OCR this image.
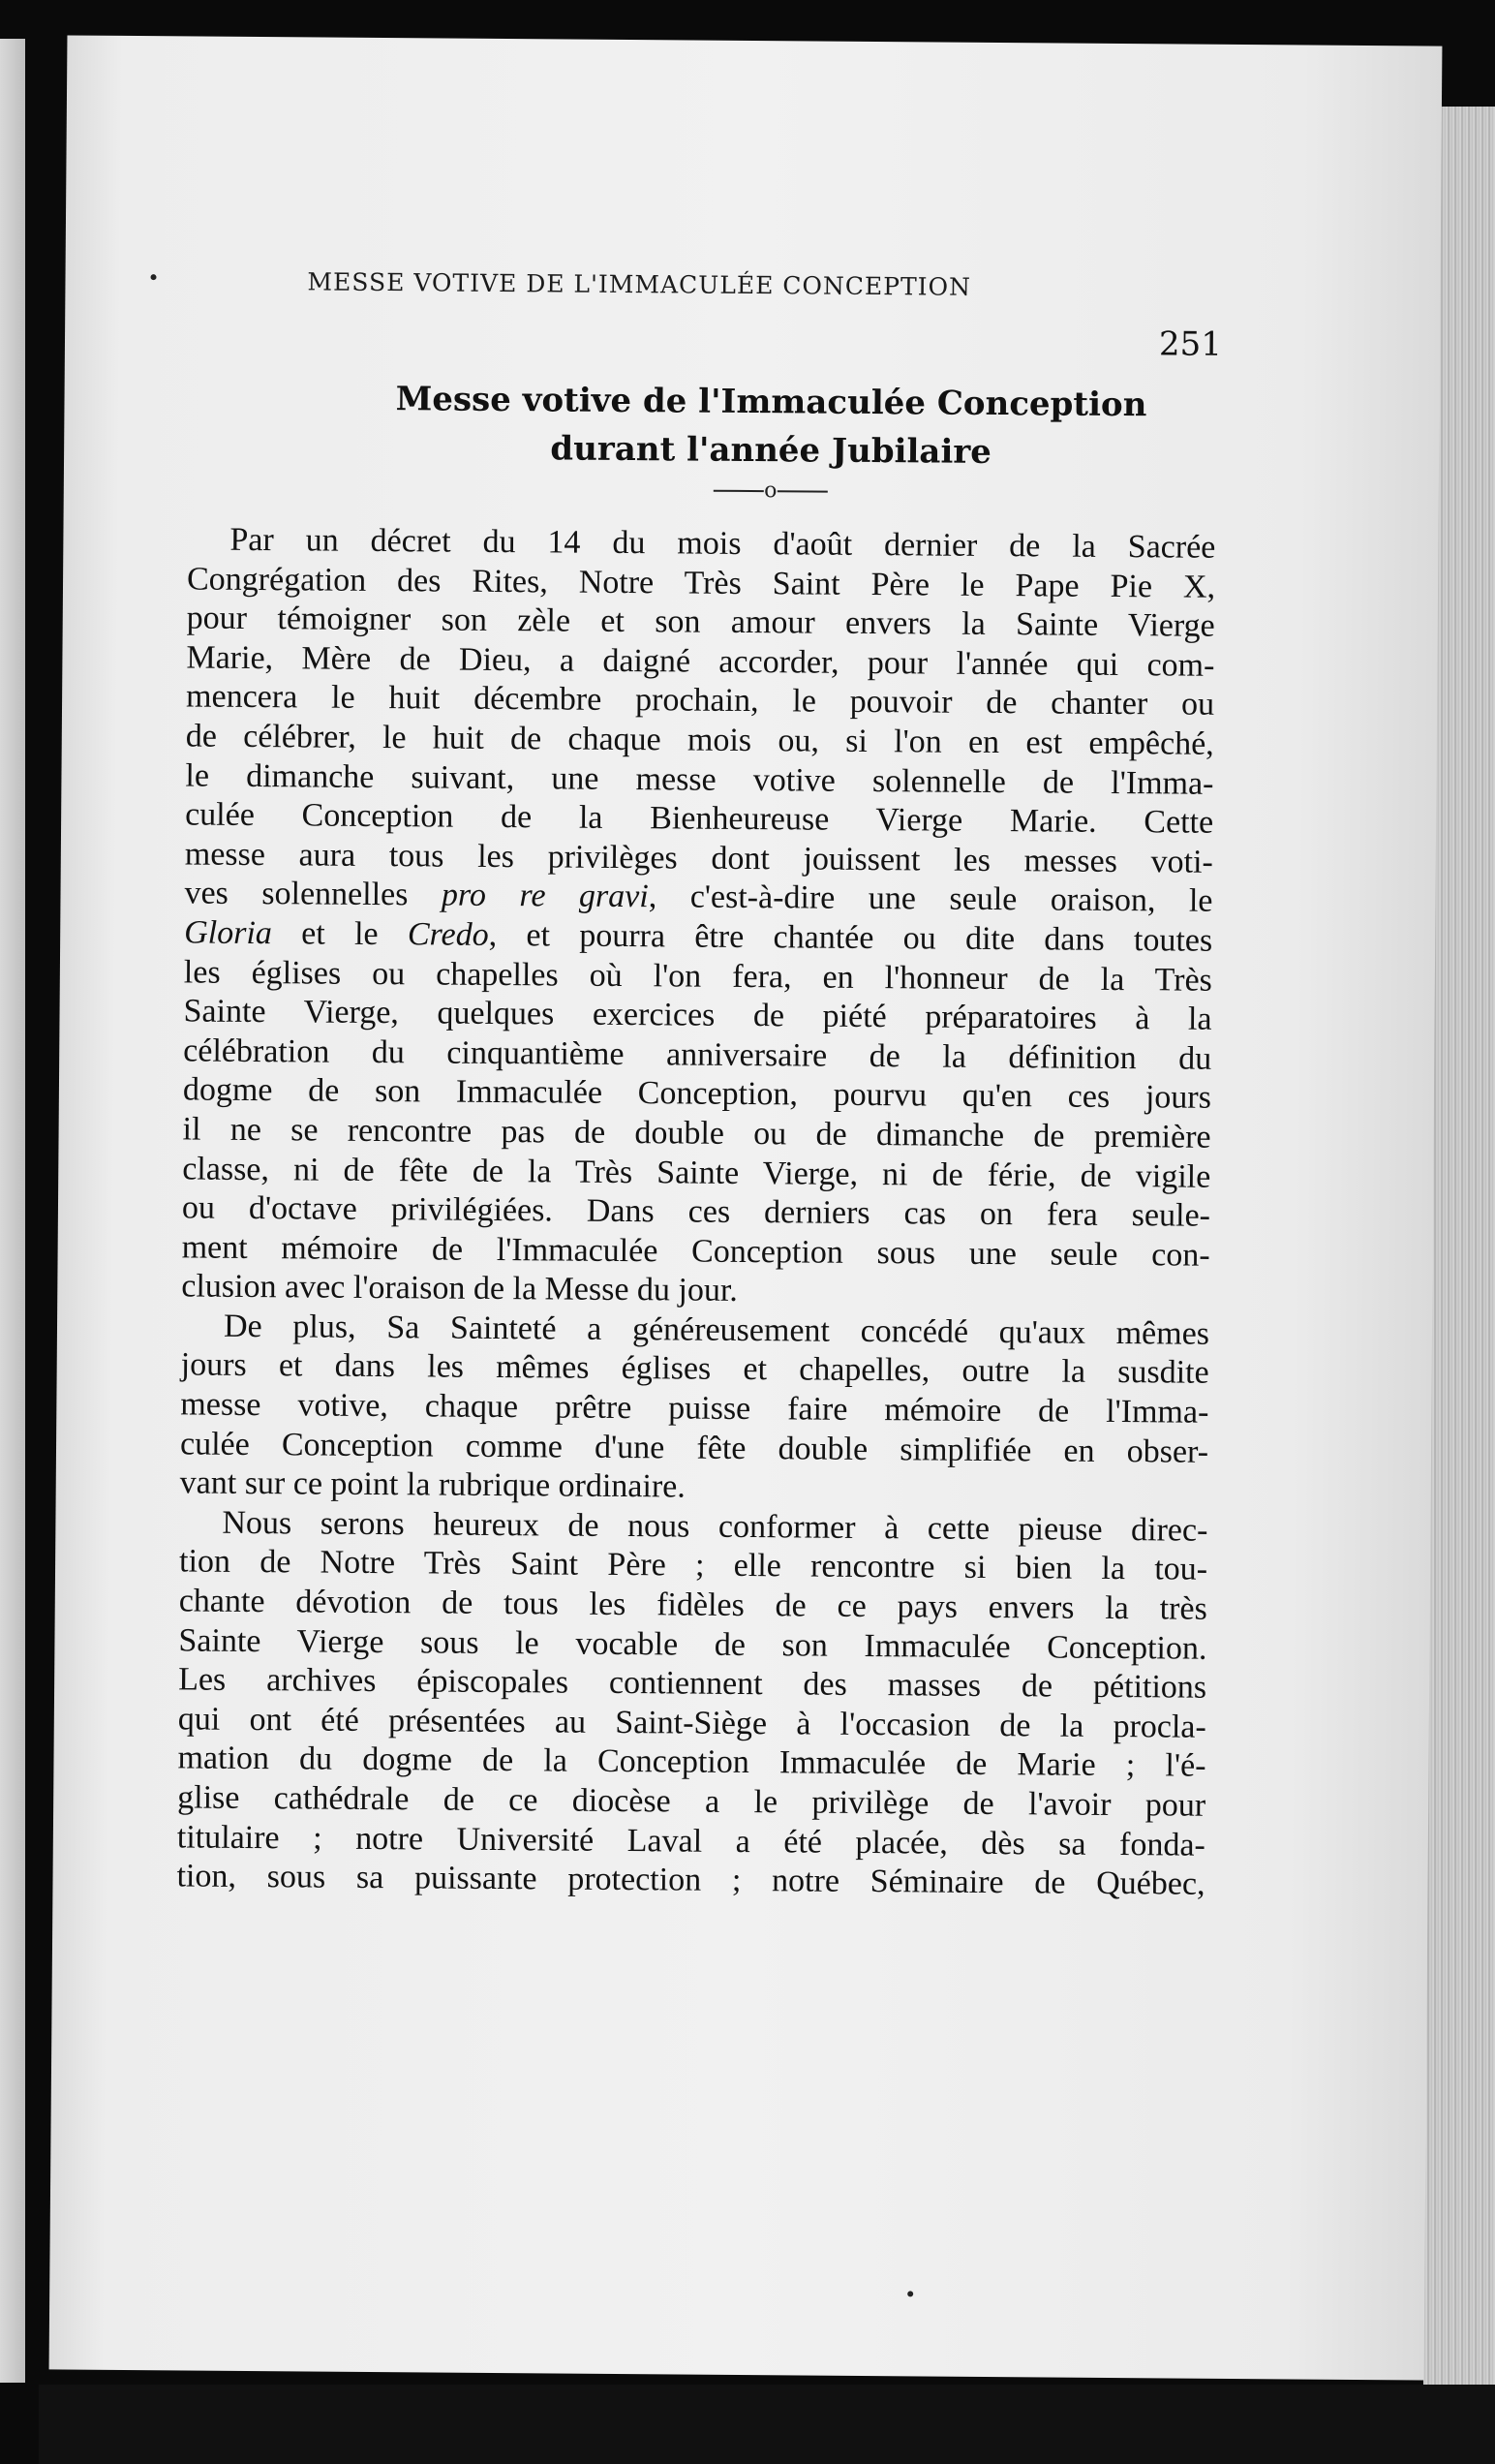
MESSE VOTIVE DE L'IMMACULÉE CONCEPTION
251
Messe votive de l'Immaculée Conception
durant l'année Jubilaire
o
Par un décret du 14 du mois d'août dernier de la Sacrée
Congrégation des Rites, Notre Très Saint Père le Pape Pie X,
pour témoigner son zèle et son amour envers la Sainte Vierge
Marie, Mère de Dieu, a daigné accorder, pour l'année qui com-
mencera le huit décembre prochain, le pouvoir de chanter ou
de célébrer, le huit de chaque mois ou, si l'on en est empêché,
le dimanche suivant, une messe votive solennelle de l'Imma-
culée Conception de la Bienheureuse Vierge Marie. Cette
messe aura tous les privilèges dont jouissent les messes voti-
ves solennelles pro re gravi, c'est-à-dire une seule oraison, le
Gloria et le Credo, et pourra être chantée ou dite dans toutes
les églises ou chapelles où l'on fera, en l'honneur de la Très
Sainte Vierge, quelques exercices de piété préparatoires à la
célébration du cinquantième anniversaire de la définition du
dogme de son Immaculée Conception, pourvu qu'en ces jours
il ne se rencontre pas de double ou de dimanche de première
classe, ni de fête de la Très Sainte Vierge, ni de férie, de vigile
ou d'octave privilégiées. Dans ces derniers cas on fera seule-
ment mémoire de l'Immaculée Conception sous une seule con-
clusion avec l'oraison de la Messe du jour.
De plus, Sa Sainteté a généreusement concédé qu'aux mêmes
jours et dans les mêmes églises et chapelles, outre la susdite
messe votive, chaque prêtre puisse faire mémoire de l'Imma-
culée Conception comme d'une fête double simplifiée en obser-
vant sur ce point la rubrique ordinaire.
Nous serons heureux de nous conformer à cette pieuse direc-
tion de Notre Très Saint Père ; elle rencontre si bien la tou-
chante dévotion de tous les fidèles de ce pays envers la très
Sainte Vierge sous le vocable de son Immaculée Conception.
Les archives épiscopales contiennent des masses de pétitions
qui ont été présentées au Saint-Siège à l'occasion de la procla-
mation du dogme de la Conception Immaculée de Marie ; l'é-
glise cathédrale de ce diocèse a le privilège de l'avoir pour
titulaire ; notre Université Laval a été placée, dès sa fonda-
tion, sous sa puissante protection ; notre Séminaire de Québec,
